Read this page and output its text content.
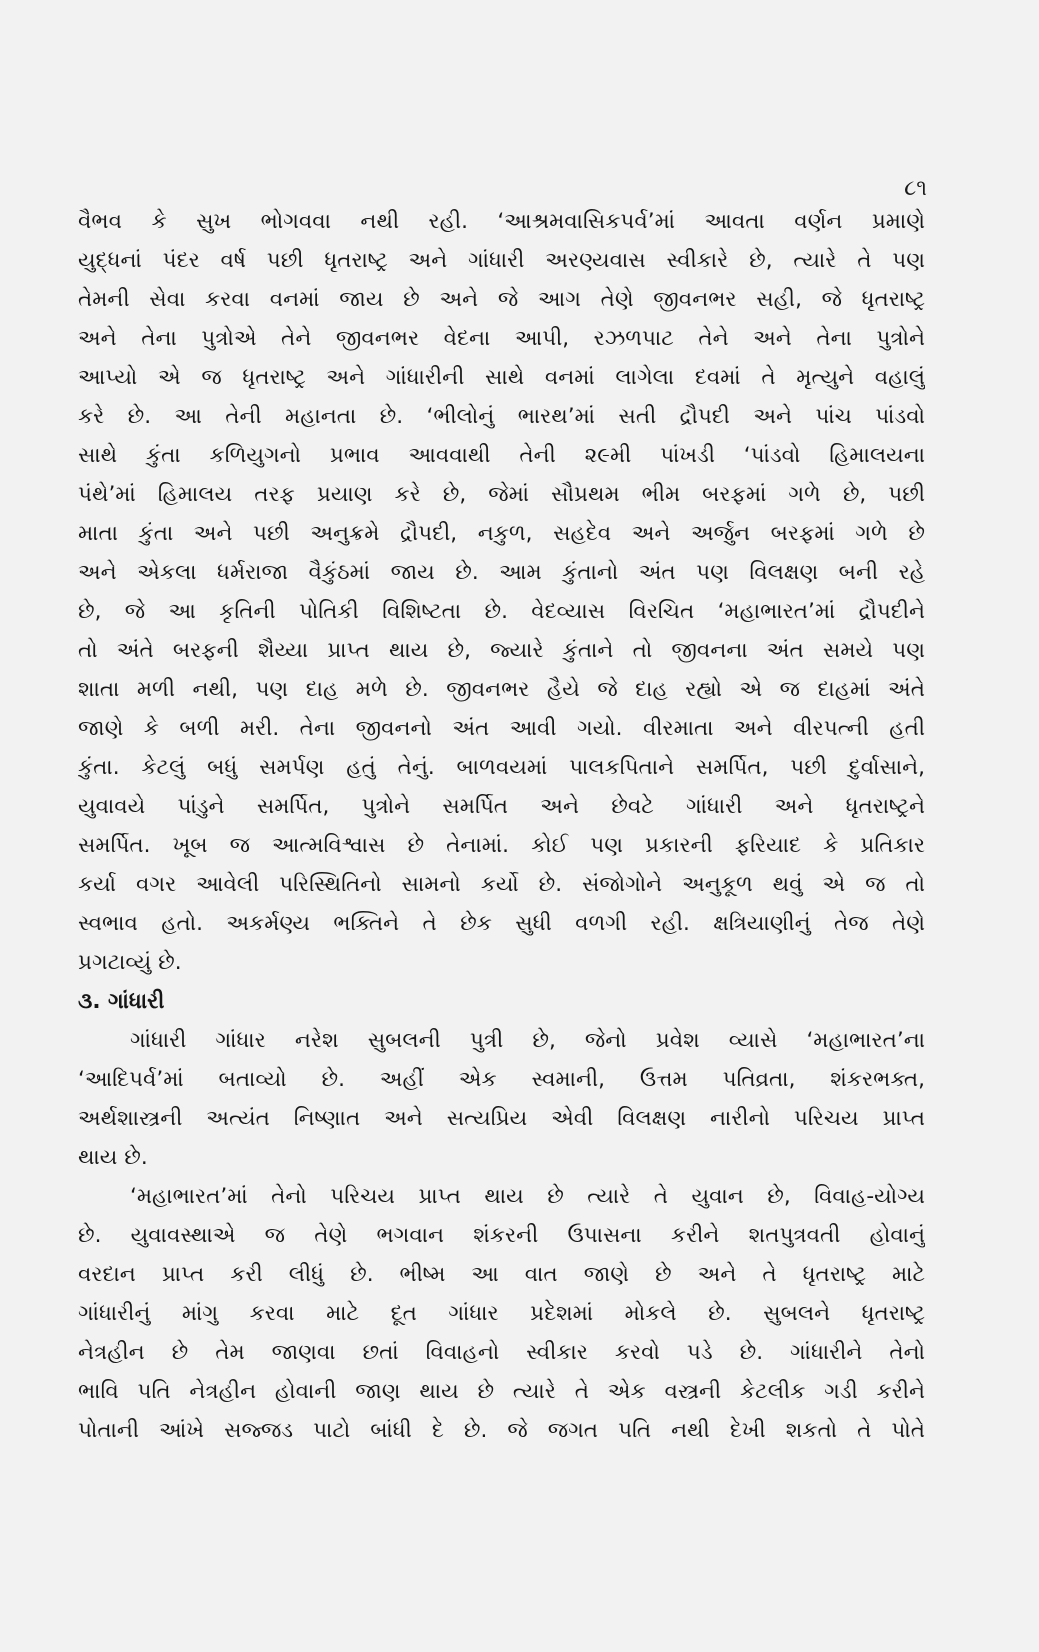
૮૧
વૈભવ કે સુખ ભોગવવા નથી રહી. ‘આશ્રમવાસિકપર્વ’માં આવતા વર્ણન પ્રમાણે
યુદ્ધનાં પંદર વર્ષ પછી ધૃતરાષ્ટ્ર અને ગાંધારી અરણ્યવાસ સ્વીકારે છે, ત્યારે તે પણ
તેમની સેવા કરવા વનમાં જાય છે અને જે આગ તેણે જીવનભર સહી, જે ધૃતરાષ્ટ્ર
અને તેના પુત્રોએ તેને જીવનભર વેદના આપી, રઝળપાટ તેને અને તેના પુત્રોને
આપ્યો એ જ ધૃતરાષ્ટ્ર અને ગાંધારીની સાથે વનમાં લાગેલા દવમાં તે મૃત્યુને વહાલું
કરે છે. આ તેની મહાનતા છે. ‘ભીલોનું ભારથ’માં સતી દ્રૌપદી અને પાંચ પાંડવો
સાથે કુંતા કળિયુગનો પ્રભાવ આવવાથી તેની ૨૯મી પાંખડી ‘પાંડવો હિમાલયના
પંથે’માં હિમાલય તરફ પ્રયાણ કરે છે, જેમાં સૌપ્રથમ ભીમ બરફમાં ગળે છે, પછી
માતા કુંતા અને પછી અનુક્રમે દ્રૌપદી, નકુળ, સહદેવ અને અર્જુન બરફમાં ગળે છે
અને એકલા ધર્મરાજા વૈકુંઠમાં જાય છે. આમ કુંતાનો અંત પણ વિલક્ષણ બની રહે
છે, જે આ કૃતિની પોતિકી વિશિષ્ટતા છે. વેદવ્યાસ વિરચિત ‘મહાભારત’માં દ્રૌપદીને
તો અંતે બરફની શૈય્યા પ્રાપ્ત થાય છે, જ્યારે કુંતાને તો જીવનના અંત સમયે પણ
શાતા મળી નથી, પણ દાહ મળે છે. જીવનભર હૈયે જે દાહ રહ્યો એ જ દાહમાં અંતે
જાણે કે બળી મરી. તેના જીવનનો અંત આવી ગયો. વીરમાતા અને વીરપત્ની હતી
કુંતા. કેટલું બધું સમર્પણ હતું તેનું. બાળવયમાં પાલકપિતાને સમર્પિત, પછી દુર્વાસાને,
યુવાવયે પાંડુને સમર્પિત, પુત્રોને સમર્પિત અને છેવટે ગાંધારી અને ધૃતરાષ્ટ્રને
સમર્પિત. ખૂબ જ આત્મવિશ્વાસ છે તેનામાં. કોઈ પણ પ્રકારની ફરિયાદ કે પ્રતિકાર
કર્યા વગર આવેલી પરિસ્થિતિનો સામનો કર્યો છે. સંજોગોને અનુકૂળ થવું એ જ તો
સ્વભાવ હતો. અકર્મણ્ય ભક્તિને તે છેક સુધી વળગી રહી. ક્ષત્રિયાણીનું તેજ તેણે
પ્રગટાવ્યું છે.
૩. ગાંધારી
ગાંધારી ગાંધાર નરેશ સુબલની પુત્રી છે, જેનો પ્રવેશ વ્યાસે ‘મહાભારત’ના
‘આદિપર્વ’માં બતાવ્યો છે. અહીં એક સ્વમાની, ઉત્તમ પતિવ્રતા, શંકરભક્ત,
અર્થશાસ્ત્રની અત્યંત નિષ્ણાત અને સત્યપ્રિય એવી વિલક્ષણ નારીનો પરિચય પ્રાપ્ત
થાય છે.
‘મહાભારત’માં તેનો પરિચય પ્રાપ્ત થાય છે ત્યારે તે યુવાન છે, વિવાહ-યોગ્ય
છે. યુવાવસ્થાએ જ તેણે ભગવાન શંકરની ઉપાસના કરીને શતપુત્રવતી હોવાનું
વરદાન પ્રાપ્ત કરી લીધું છે. ભીષ્મ આ વાત જાણે છે અને તે ધૃતરાષ્ટ્ર માટે
ગાંધારીનું માંગુ કરવા માટે દૂત ગાંધાર પ્રદેશમાં મોકલે છે. સુબલને ધૃતરાષ્ટ્ર
નેત્રહીન છે તેમ જાણવા છતાં વિવાહનો સ્વીકાર કરવો પડે છે. ગાંધારીને તેનો
ભાવિ પતિ નેત્રહીન હોવાની જાણ થાય છે ત્યારે તે એક વસ્ત્રની કેટલીક ગડી કરીને
પોતાની આંખે સજ્જડ પાટો બાંધી દે છે. જે જગત પતિ નથી દેખી શકતો તે પોતે
